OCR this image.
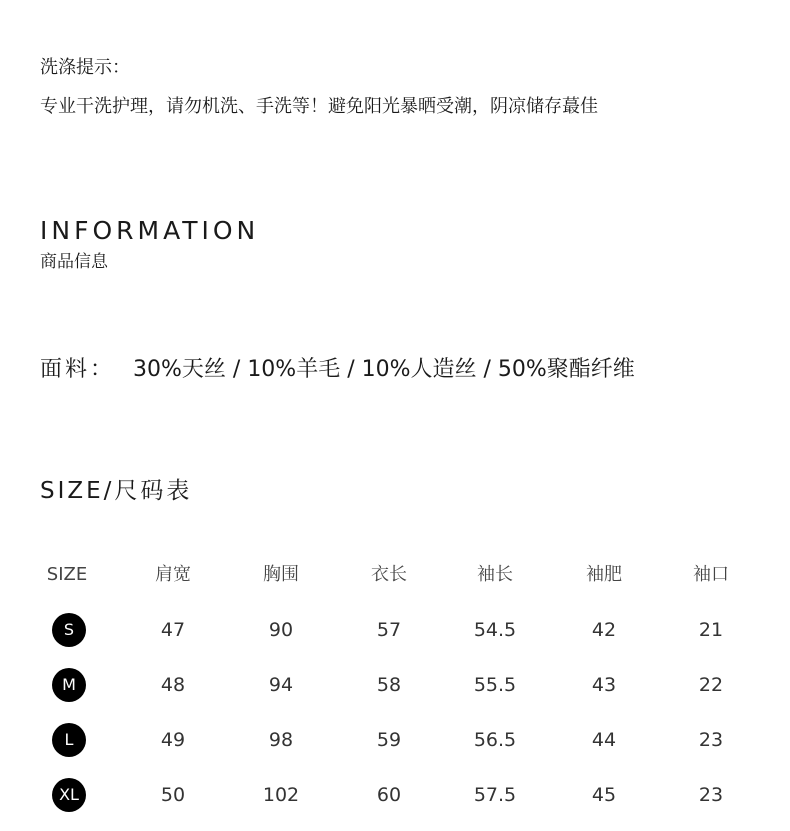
洗涤提示：
专业干洗护理，请勿机洗、手洗等！避免阳光暴晒受潮，阴凉储存蕞佳
INFORMATION
商品信息
面料： 30%天丝 / 10%羊毛 / 10%人造丝 / 50%聚酯纤维
SIZE/尺码表
SIZE	肩宽	胸围	衣长	袖长	袖肥	袖口
S	47	90	57	54.5	42	21
M	48	94	58	55.5	43	22
L	49	98	59	56.5	44	23
XL	50	102	60	57.5	45	23
